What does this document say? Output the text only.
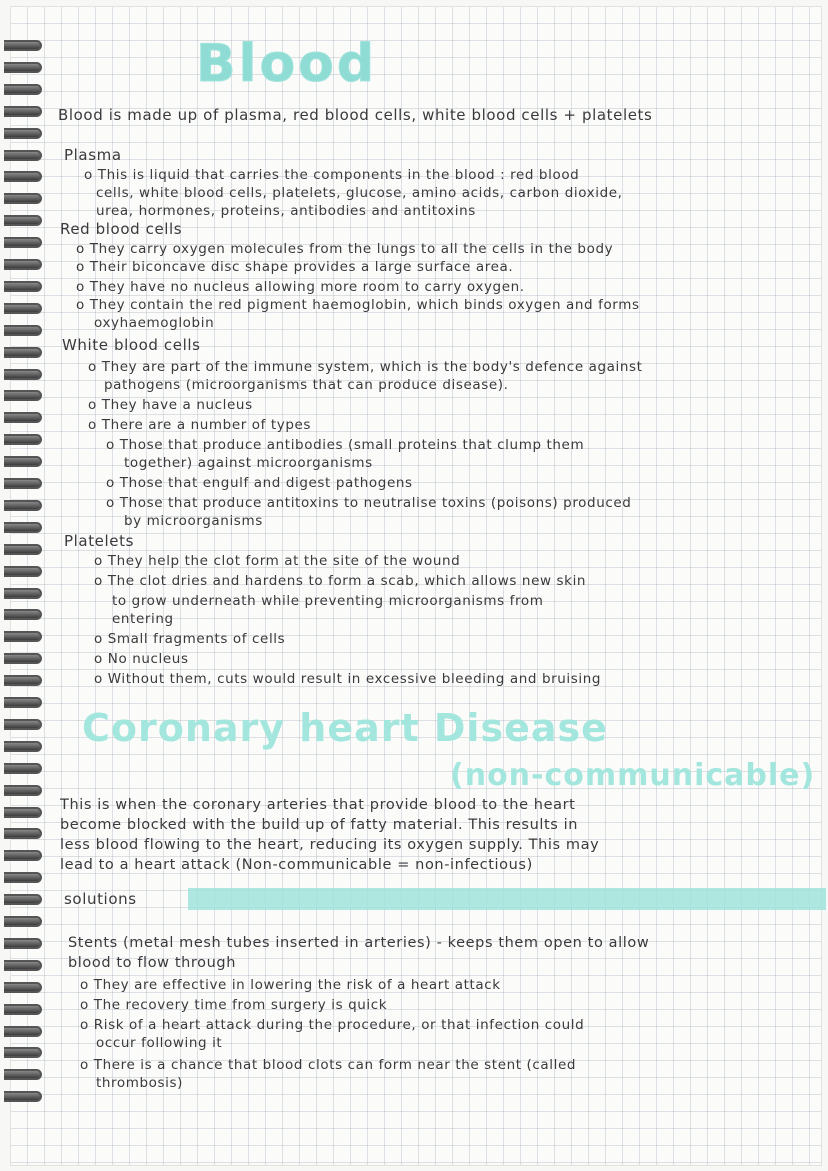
Blood
Blood is made up of plasma, red blood cells, white blood cells + platelets
Plasma
o This is liquid that carries the components in the blood : red blood
cells, white blood cells, platelets, glucose, amino acids, carbon dioxide,
urea, hormones, proteins, antibodies and antitoxins
Red blood cells
o They carry oxygen molecules from the lungs to all the cells in the body
o Their biconcave disc shape provides a large surface area.
o They have no nucleus allowing more room to carry oxygen.
o They contain the red pigment haemoglobin, which binds oxygen and forms
oxyhaemoglobin
White blood cells
o They are part of the immune system, which is the body's defence against
pathogens (microorganisms that can produce disease).
o They have a nucleus
o There are a number of types
o Those that produce antibodies (small proteins that clump them
together) against microorganisms
o Those that engulf and digest pathogens
o Those that produce antitoxins to neutralise toxins (poisons) produced
by microorganisms
Platelets
o They help the clot form at the site of the wound
o The clot dries and hardens to form a scab, which allows new skin
to grow underneath while preventing microorganisms from
entering
o Small fragments of cells
o No nucleus
o Without them, cuts would result in excessive bleeding and bruising
Coronary heart Disease
(non-communicable)
This is when the coronary arteries that provide blood to the heart
become blocked with the build up of fatty material. This results in
less blood flowing to the heart, reducing its oxygen supply. This may
lead to a heart attack (Non-communicable = non-infectious)
solutions
Stents (metal mesh tubes inserted in arteries) - keeps them open to allow
blood to flow through
o They are effective in lowering the risk of a heart attack
o The recovery time from surgery is quick
o Risk of a heart attack during the procedure, or that infection could
occur following it
o There is a chance that blood clots can form near the stent (called
thrombosis)
